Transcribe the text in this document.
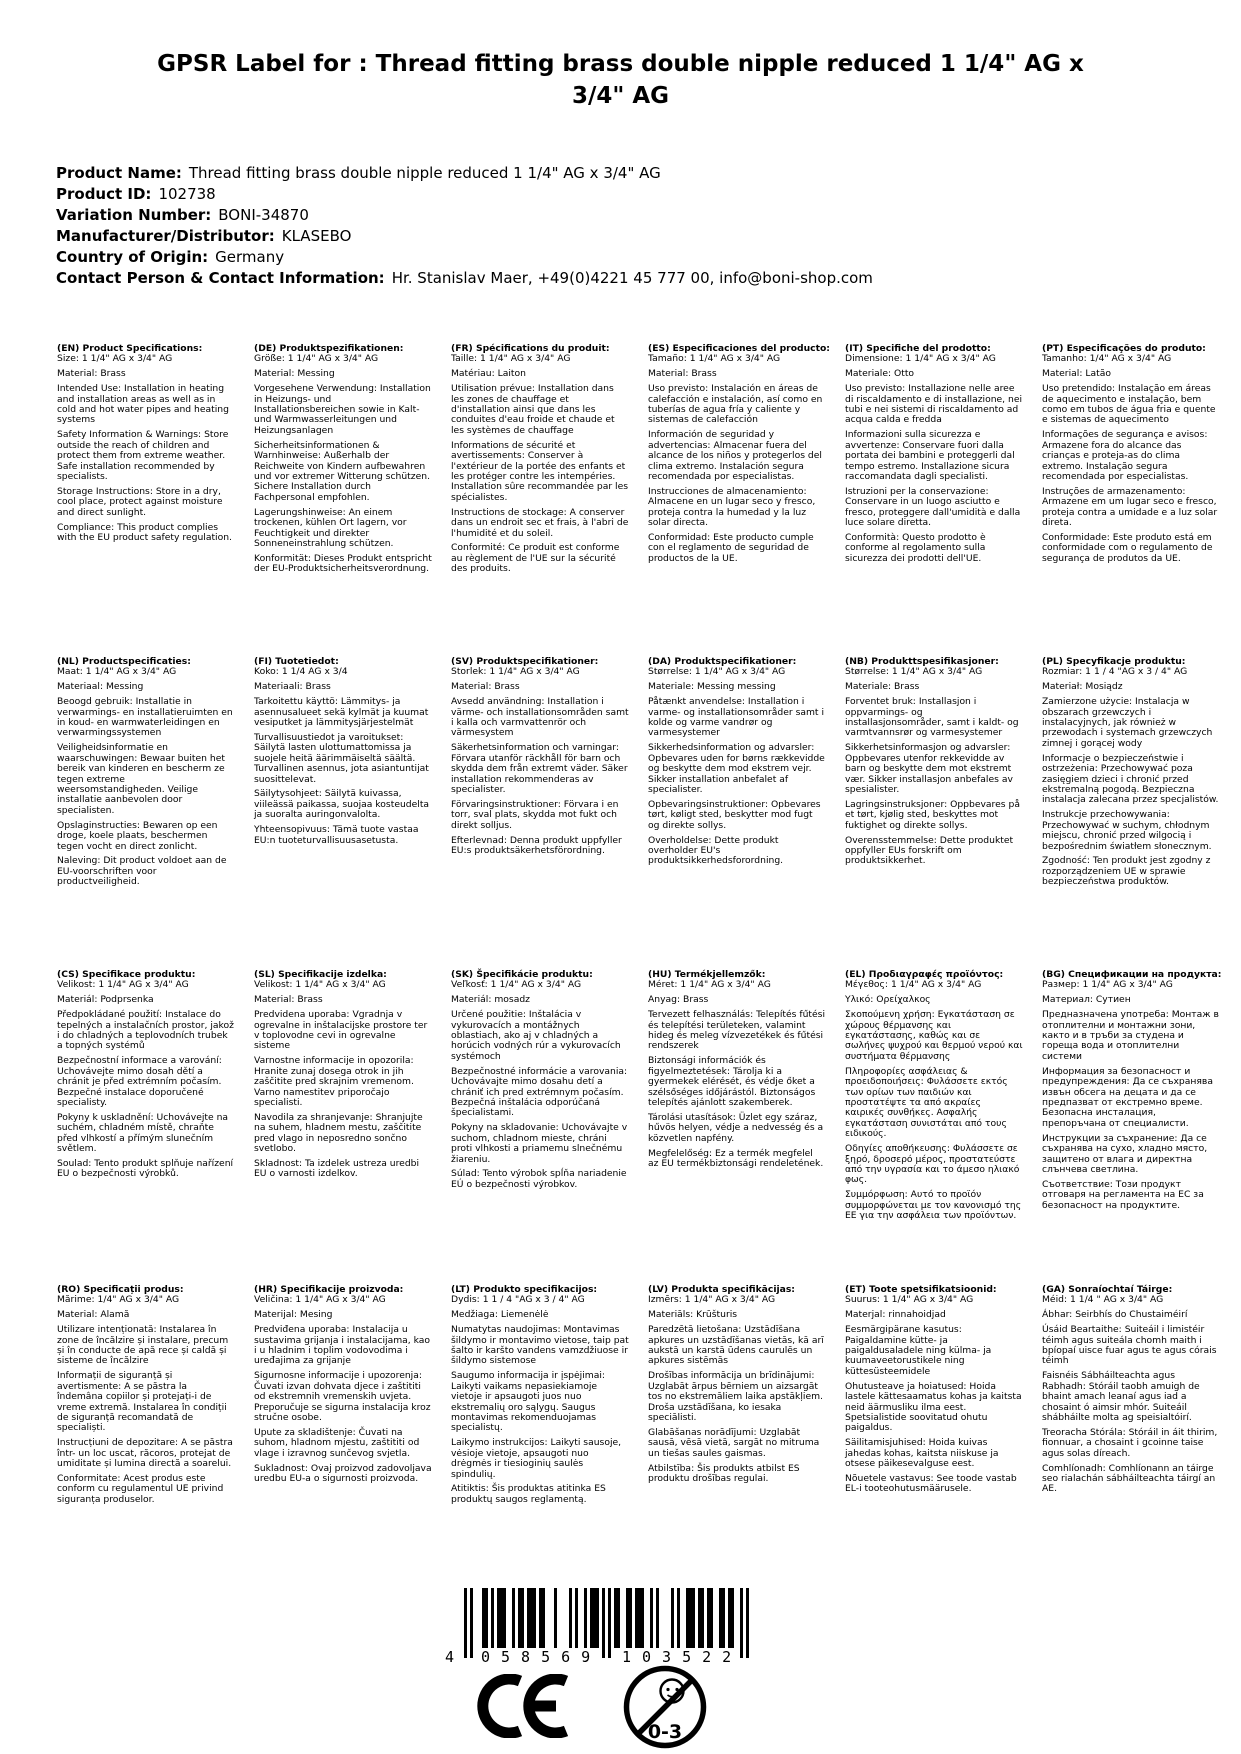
GPSR Label for : Thread fitting brass double nipple reduced 1 1/4" AG x 3/4" AG
Product Name: Thread fitting brass double nipple reduced 1 1/4" AG x 3/4" AG
Product ID: 102738
Variation Number: BONI-34870
Manufacturer/Distributor: KLASEBO
Country of Origin: Germany
Contact Person & Contact Information: Hr. Stanislav Maer, +49(0)4221 45 777 00, info@boni-shop.com
(EN) Product Specifications:

Size: 1 1/4" AG x 3/4" AG

Material: Brass

Intended Use: Installation in heating and installation areas as well as in cold and hot water pipes and heating systems

Safety Information & Warnings: Store outside the reach of children and protect them from extreme weather. Safe installation recommended by specialists.

Storage Instructions: Store in a dry, cool place, protect against moisture and direct sunlight.

Compliance: This product complies with the EU product safety regulation.

(DE) Produktspezifikationen:

Größe: 1 1/4" AG x 3/4" AG

Material: Messing

Vorgesehene Verwendung: Installation in Heizungs- und Installationsbereichen sowie in Kalt- und Warmwasserleitungen und Heizungsanlagen

Sicherheitsinformationen & Warnhinweise: Außerhalb der Reichweite von Kindern aufbewahren und vor extremer Witterung schützen. Sichere Installation durch Fachpersonal empfohlen.

Lagerungshinweise: An einem trockenen, kühlen Ort lagern, vor Feuchtigkeit und direkter Sonneneinstrahlung schützen.

Konformität: Dieses Produkt entspricht der EU-Produktsicherheitsverordnung.

(FR) Spécifications du produit:

Taille: 1 1/4" AG x 3/4" AG

Matériau: Laiton

Utilisation prévue: Installation dans les zones de chauffage et d'installation ainsi que dans les conduites d'eau froide et chaude et les systèmes de chauffage

Informations de sécurité et avertissements: Conserver à l'extérieur de la portée des enfants et les protéger contre les intempéries. Installation sûre recommandée par les spécialistes.

Instructions de stockage: A conserver dans un endroit sec et frais, à l'abri de l'humidité et du soleil.

Conformité: Ce produit est conforme au règlement de l'UE sur la sécurité des produits.

(ES) Especificaciones del producto:

Tamaño: 1 1/4" AG x 3/4" AG

Material: Brass

Uso previsto: Instalación en áreas de calefacción e instalación, así como en tuberías de agua fría y caliente y sistemas de calefacción

Información de seguridad y advertencias: Almacenar fuera del alcance de los niños y protegerlos del clima extremo. Instalación segura recomendada por especialistas.

Instrucciones de almacenamiento: Almacene en un lugar seco y fresco, proteja contra la humedad y la luz solar directa.

Conformidad: Este producto cumple con el reglamento de seguridad de productos de la UE.

(IT) Specifiche del prodotto:

Dimensione: 1 1/4" AG x 3/4" AG

Materiale: Otto

Uso previsto: Installazione nelle aree di riscaldamento e di installazione, nei tubi e nei sistemi di riscaldamento ad acqua calda e fredda

Informazioni sulla sicurezza e avvertenze: Conservare fuori dalla portata dei bambini e proteggerli dal tempo estremo. Installazione sicura raccomandata dagli specialisti.

Istruzioni per la conservazione: Conservare in un luogo asciutto e fresco, proteggere dall'umidità e dalla luce solare diretta.

Conformità: Questo prodotto è conforme al regolamento sulla sicurezza dei prodotti dell'UE.

(PT) Especificações do produto:

Tamanho: 1/4" AG x 3/4" AG

Material: Latão

Uso pretendido: Instalação em áreas de aquecimento e instalação, bem como em tubos de água fria e quente e sistemas de aquecimento

Informações de segurança e avisos: Armazene fora do alcance das crianças e proteja-as do clima extremo. Instalação segura recomendada por especialistas.

Instruções de armazenamento: Armazene em um lugar seco e fresco, proteja contra a umidade e a luz solar direta.

Conformidade: Este produto está em conformidade com o regulamento de segurança de produtos da UE.

(NL) Productspecificaties:

Maat: 1 1/4" AG x 3/4" AG

Materiaal: Messing

Beoogd gebruik: Installatie in verwarmings- en installatieruimten en in koud- en warmwaterleidingen en verwarmingssystemen

Veiligheidsinformatie en waarschuwingen: Bewaar buiten het bereik van kinderen en bescherm ze tegen extreme weersomstandigheden. Veilige installatie aanbevolen door specialisten.

Opslaginstructies: Bewaren op een droge, koele plaats, beschermen tegen vocht en direct zonlicht.

Naleving: Dit product voldoet aan de EU-voorschriften voor productveiligheid.

(FI) Tuotetiedot:

Koko: 1 1/4 AG x 3/4

Materiaali: Brass

Tarkoitettu käyttö: Lämmitys- ja asennusalueet sekä kylmät ja kuumat vesiputket ja lämmitysjärjestelmät

Turvallisuustiedot ja varoitukset: Säilytä lasten ulottumattomissa ja suojele heitä äärimmäiseltä säältä. Turvallinen asennus, jota asiantuntijat suosittelevat.

Säilytysohjeet: Säilytä kuivassa, viileässä paikassa, suojaa kosteudelta ja suoralta auringonvalolta.

Yhteensopivuus: Tämä tuote vastaa EU:n tuoteturvallisuusasetusta.

(SV) Produktspecifikationer:

Storlek: 1 1/4" AG x 3/4" AG

Material: Brass

Avsedd användning: Installation i värme- och installationsområden samt i kalla och varmvattenrör och värmesystem

Säkerhetsinformation och varningar: Förvara utanför räckhåll för barn och skydda dem från extremt väder. Säker installation rekommenderas av specialister.

Förvaringsinstruktioner: Förvara i en torr, sval plats, skydda mot fukt och direkt solljus.

Efterlevnad: Denna produkt uppfyller EU:s produktsäkerhetsförordning.

(DA) Produktspecifikationer:

Størrelse: 1 1/4" AG x 3/4" AG

Materiale: Messing messing

Påtænkt anvendelse: Installation i varme- og installationsområder samt i kolde og varme vandrør og varmesystemer

Sikkerhedsinformation og advarsler: Opbevares uden for børns rækkevidde og beskytte dem mod ekstrem vejr. Sikker installation anbefalet af specialister.

Opbevaringsinstruktioner: Opbevares tørt, køligt sted, beskytter mod fugt og direkte sollys.

Overholdelse: Dette produkt overholder EU's produktsikkerhedsforordning.

(NB) Produkttspesifikasjoner:

Størrelse: 1 1/4" AG x 3/4" AG

Materiale: Brass

Forventet bruk: Installasjon i oppvarmings- og installasjonsområder, samt i kaldt- og varmtvannsrør og varmesystemer

Sikkerhetsinformasjon og advarsler: Oppbevares utenfor rekkevidde av barn og beskytte dem mot ekstremt vær. Sikker installasjon anbefales av spesialister.

Lagringsinstruksjoner: Oppbevares på et tørt, kjølig sted, beskyttes mot fuktighet og direkte sollys.

Overensstemmelse: Dette produktet oppfyller EUs forskrift om produktsikkerhet.

(PL) Specyfikacje produktu:

Rozmiar: 1 1 / 4 "AG x 3 / 4" AG

Materiał: Mosiądz

Zamierzone użycie: Instalacja w obszarach grzewczych i instalacyjnych, jak również w przewodach i systemach grzewczych zimnej i gorącej wody

Informacje o bezpieczeństwie i ostrzeżenia: Przechowywać poza zasięgiem dzieci i chronić przed ekstremalną pogodą. Bezpieczna instalacja zalecana przez specjalistów.

Instrukcje przechowywania: Przechowywać w suchym, chłodnym miejscu, chronić przed wilgocią i bezpośrednim światłem słonecznym.

Zgodność: Ten produkt jest zgodny z rozporządzeniem UE w sprawie bezpieczeństwa produktów.

(CS) Specifikace produktu:

Velikost: 1 1/4" AG x 3/4" AG

Materiál: Podprsenka

Předpokládané použití: Instalace do tepelných a instalačních prostor, jakož i do chladných a teplovodních trubek a topných systémů

Bezpečnostní informace a varování: Uchovávejte mimo dosah dětí a chránit je před extrémním počasím. Bezpečné instalace doporučené specialisty.

Pokyny k uskladnění: Uchovávejte na suchém, chladném místě, chraňte před vlhkostí a přímým slunečním světlem.

Soulad: Tento produkt splňuje nařízení EU o bezpečnosti výrobků.

(SL) Specifikacije izdelka:

Velikost: 1 1/4" AG x 3/4" AG

Material: Brass

Predvidena uporaba: Vgradnja v ogrevalne in inštalacijske prostore ter v toplovodne cevi in ogrevalne sisteme

Varnostne informacije in opozorila: Hranite zunaj dosega otrok in jih zaščitite pred skrajnim vremenom. Varno namestitev priporočajo specialisti.

Navodila za shranjevanje: Shranjujte na suhem, hladnem mestu, zaščitite pred vlago in neposredno sončno svetlobo.

Skladnost: Ta izdelek ustreza uredbi EU o varnosti izdelkov.

(SK) Špecifikácie produktu:

Veľkosť: 1 1/4" AG x 3/4" AG

Materiál: mosadz

Určené použitie: Inštalácia v vykurovacích a montážnych oblastiach, ako aj v chladných a horúcich vodných rúr a vykurovacích systémoch

Bezpečnostné informácie a varovania: Uchovávajte mimo dosahu detí a chrániť ich pred extrémnym počasím. Bezpečná inštalácia odporúčaná špecialistami.

Pokyny na skladovanie: Uchovávajte v suchom, chladnom mieste, chráni proti vlhkosti a priamemu slnečnému žiareniu.

Súlad: Tento výrobok spĺňa nariadenie EÚ o bezpečnosti výrobkov.

(HU) Termékjellemzők:

Méret: 1 1/4" AG x 3/4" AG

Anyag: Brass

Tervezett felhasználás: Telepítés fűtési és telepítési területeken, valamint hideg és meleg vízvezetékek és fűtési rendszerek

Biztonsági információk és figyelmeztetések: Tárolja ki a gyermekek elérését, és védje őket a szélsőséges időjárástól. Biztonságos telepítés ajánlott szakemberek.

Tárolási utasítások: Üzlet egy száraz, hűvös helyen, védje a nedvesség és a közvetlen napfény.

Megfelelőség: Ez a termék megfelel az EU termékbiztonsági rendeletének.

(EL) Προδιαγραφές προϊόντος:

Μέγεθος: 1 1/4" AG x 3/4" AG

Υλικό: Ορείχαλκος

Σκοπούμενη χρήση: Εγκατάσταση σε χώρους θέρμανσης και εγκατάστασης, καθώς και σε σωλήνες ψυχρού και θερμού νερού και συστήματα θέρμανσης

Πληροφορίες ασφάλειας & προειδοποιήσεις: Φυλάσσετε εκτός των ορίων των παιδιών και προστατέψτε τα από ακραίες καιρικές συνθήκες. Ασφαλής εγκατάσταση συνιστάται από τους ειδικούς.

Οδηγίες αποθήκευσης: Φυλάσσετε σε ξηρό, δροσερό μέρος, προστατεύστε από την υγρασία και το άμεσο ηλιακό φως.

Συμμόρφωση: Αυτό το προϊόν συμμορφώνεται με τον κανονισμό της ΕΕ για την ασφάλεια των προϊόντων.

(BG) Спецификации на продукта:

Размер: 1 1/4" AG x 3/4" AG

Материал: Сутиен

Предназначена употреба: Монтаж в отоплителни и монтажни зони, както и в тръби за студена и гореща вода и отоплителни системи

Информация за безопасност и предупреждения: Да се съхранява извън обсега на децата и да се предпазват от екстремно време. Безопасна инсталация, препоръчана от специалисти.

Инструкции за съхранение: Да се съхранява на сухо, хладно място, защитено от влага и директна слънчева светлина.

Съответствие: Този продукт отговаря на регламента на ЕС за безопасност на продуктите.

(RO) Specificații produs:

Mărime: 1/4" AG x 3/4" AG

Material: Alamă

Utilizare intenționată: Instalarea în zone de încălzire și instalare, precum și în conducte de apă rece și caldă și sisteme de încălzire

Informații de siguranță și avertismente: A se păstra la îndemâna copiilor și protejați-i de vreme extremă. Instalarea în condiții de siguranță recomandată de specialiști.

Instrucțiuni de depozitare: A se păstra într- un loc uscat, răcoros, protejat de umiditate și lumina directă a soarelui.

Conformitate: Acest produs este conform cu regulamentul UE privind siguranța produselor.

(HR) Specifikacije proizvoda:

Veličina: 1 1/4" AG x 3/4" AG

Materijal: Mesing

Predviđena uporaba: Instalacija u sustavima grijanja i instalacijama, kao i u hladnim i toplim vodovodima i uređajima za grijanje

Sigurnosne informacije i upozorenja: Čuvati izvan dohvata djece i zaštititi od ekstremnih vremenskih uvjeta. Preporučuje se sigurna instalacija kroz stručne osobe.

Upute za skladištenje: Čuvati na suhom, hladnom mjestu, zaštititi od vlage i izravnog sunčevog svjetla.

Sukladnost: Ovaj proizvod zadovoljava uredbu EU-a o sigurnosti proizvoda.

(LT) Produkto specifikacijos:

Dydis: 1 1 / 4 "AG x 3 / 4" AG

Medžiaga: Liemenėlė

Numatytas naudojimas: Montavimas šildymo ir montavimo vietose, taip pat šalto ir karšto vandens vamzdžiuose ir šildymo sistemose

Saugumo informacija ir įspėjimai: Laikyti vaikams nepasiekiamoje vietoje ir apsaugoti juos nuo ekstremalių oro sąlygų. Saugus montavimas rekomenduojamas specialistų.

Laikymo instrukcijos: Laikyti sausoje, vėsioje vietoje, apsaugoti nuo drėgmės ir tiesioginių saulės spindulių.

Atitiktis: Šis produktas atitinka ES produktų saugos reglamentą.

(LV) Produkta specifikācijas:

Izmērs: 1 1/4" AG x 3/4" AG

Materiāls: Krūšturis

Paredzētā lietošana: Uzstādīšana apkures un uzstādīšanas vietās, kā arī aukstā un karstā ūdens caurulēs un apkures sistēmās

Drošības informācija un brīdinājumi: Uzglabāt ārpus bērniem un aizsargāt tos no ekstremāliem laika apstākļiem. Droša uzstādīšana, ko iesaka speciālisti.

Glabāšanas norādījumi: Uzglabāt sausā, vēsā vietā, sargāt no mitruma un tiešas saules gaismas.

Atbilstība: Šis produkts atbilst ES produktu drošības regulai.

(ET) Toote spetsifikatsioonid:

Suurus: 1 1/4" AG x 3/4" AG

Materjal: rinnahoidjad

Eesmärgipärane kasutus: Paigaldamine kütte- ja paigaldusaladele ning külma- ja kuumaveetorustikele ning küttesüsteemidele

Ohutusteave ja hoiatused: Hoida lastele kättesaamatus kohas ja kaitsta neid äärmusliku ilma eest. Spetsialistide soovitatud ohutu paigaldus.

Säilitamisjuhised: Hoida kuivas jahedas kohas, kaitsta niiskuse ja otsese päikesevalguse eest.

Nõuetele vastavus: See toode vastab EL-i tooteohutusmäärusele.

(GA) Sonraíochtaí Táirge:

Méid: 1 1/4 " AG x 3/4" AG

Ábhar: Seirbhís do Chustaiméirí

Úsáid Beartaithe: Suiteáil i limistéir téimh agus suiteála chomh maith i bpíopaí uisce fuar agus te agus córais téimh

Faisnéis Sábháilteachta agus Rabhadh: Stóráil taobh amuigh de bhaint amach leanaí agus iad a chosaint ó aimsir mhór. Suiteáil shábháilte molta ag speisialtóirí.

Treoracha Stórála: Stóráil in áit thirim, fionnuar, a chosaint i gcoinne taise agus solas díreach.

Comhlíonadh: Comhlíonann an táirge seo rialachán sábháilteachta táirgí an AE.

4 058569 103522
0-3
